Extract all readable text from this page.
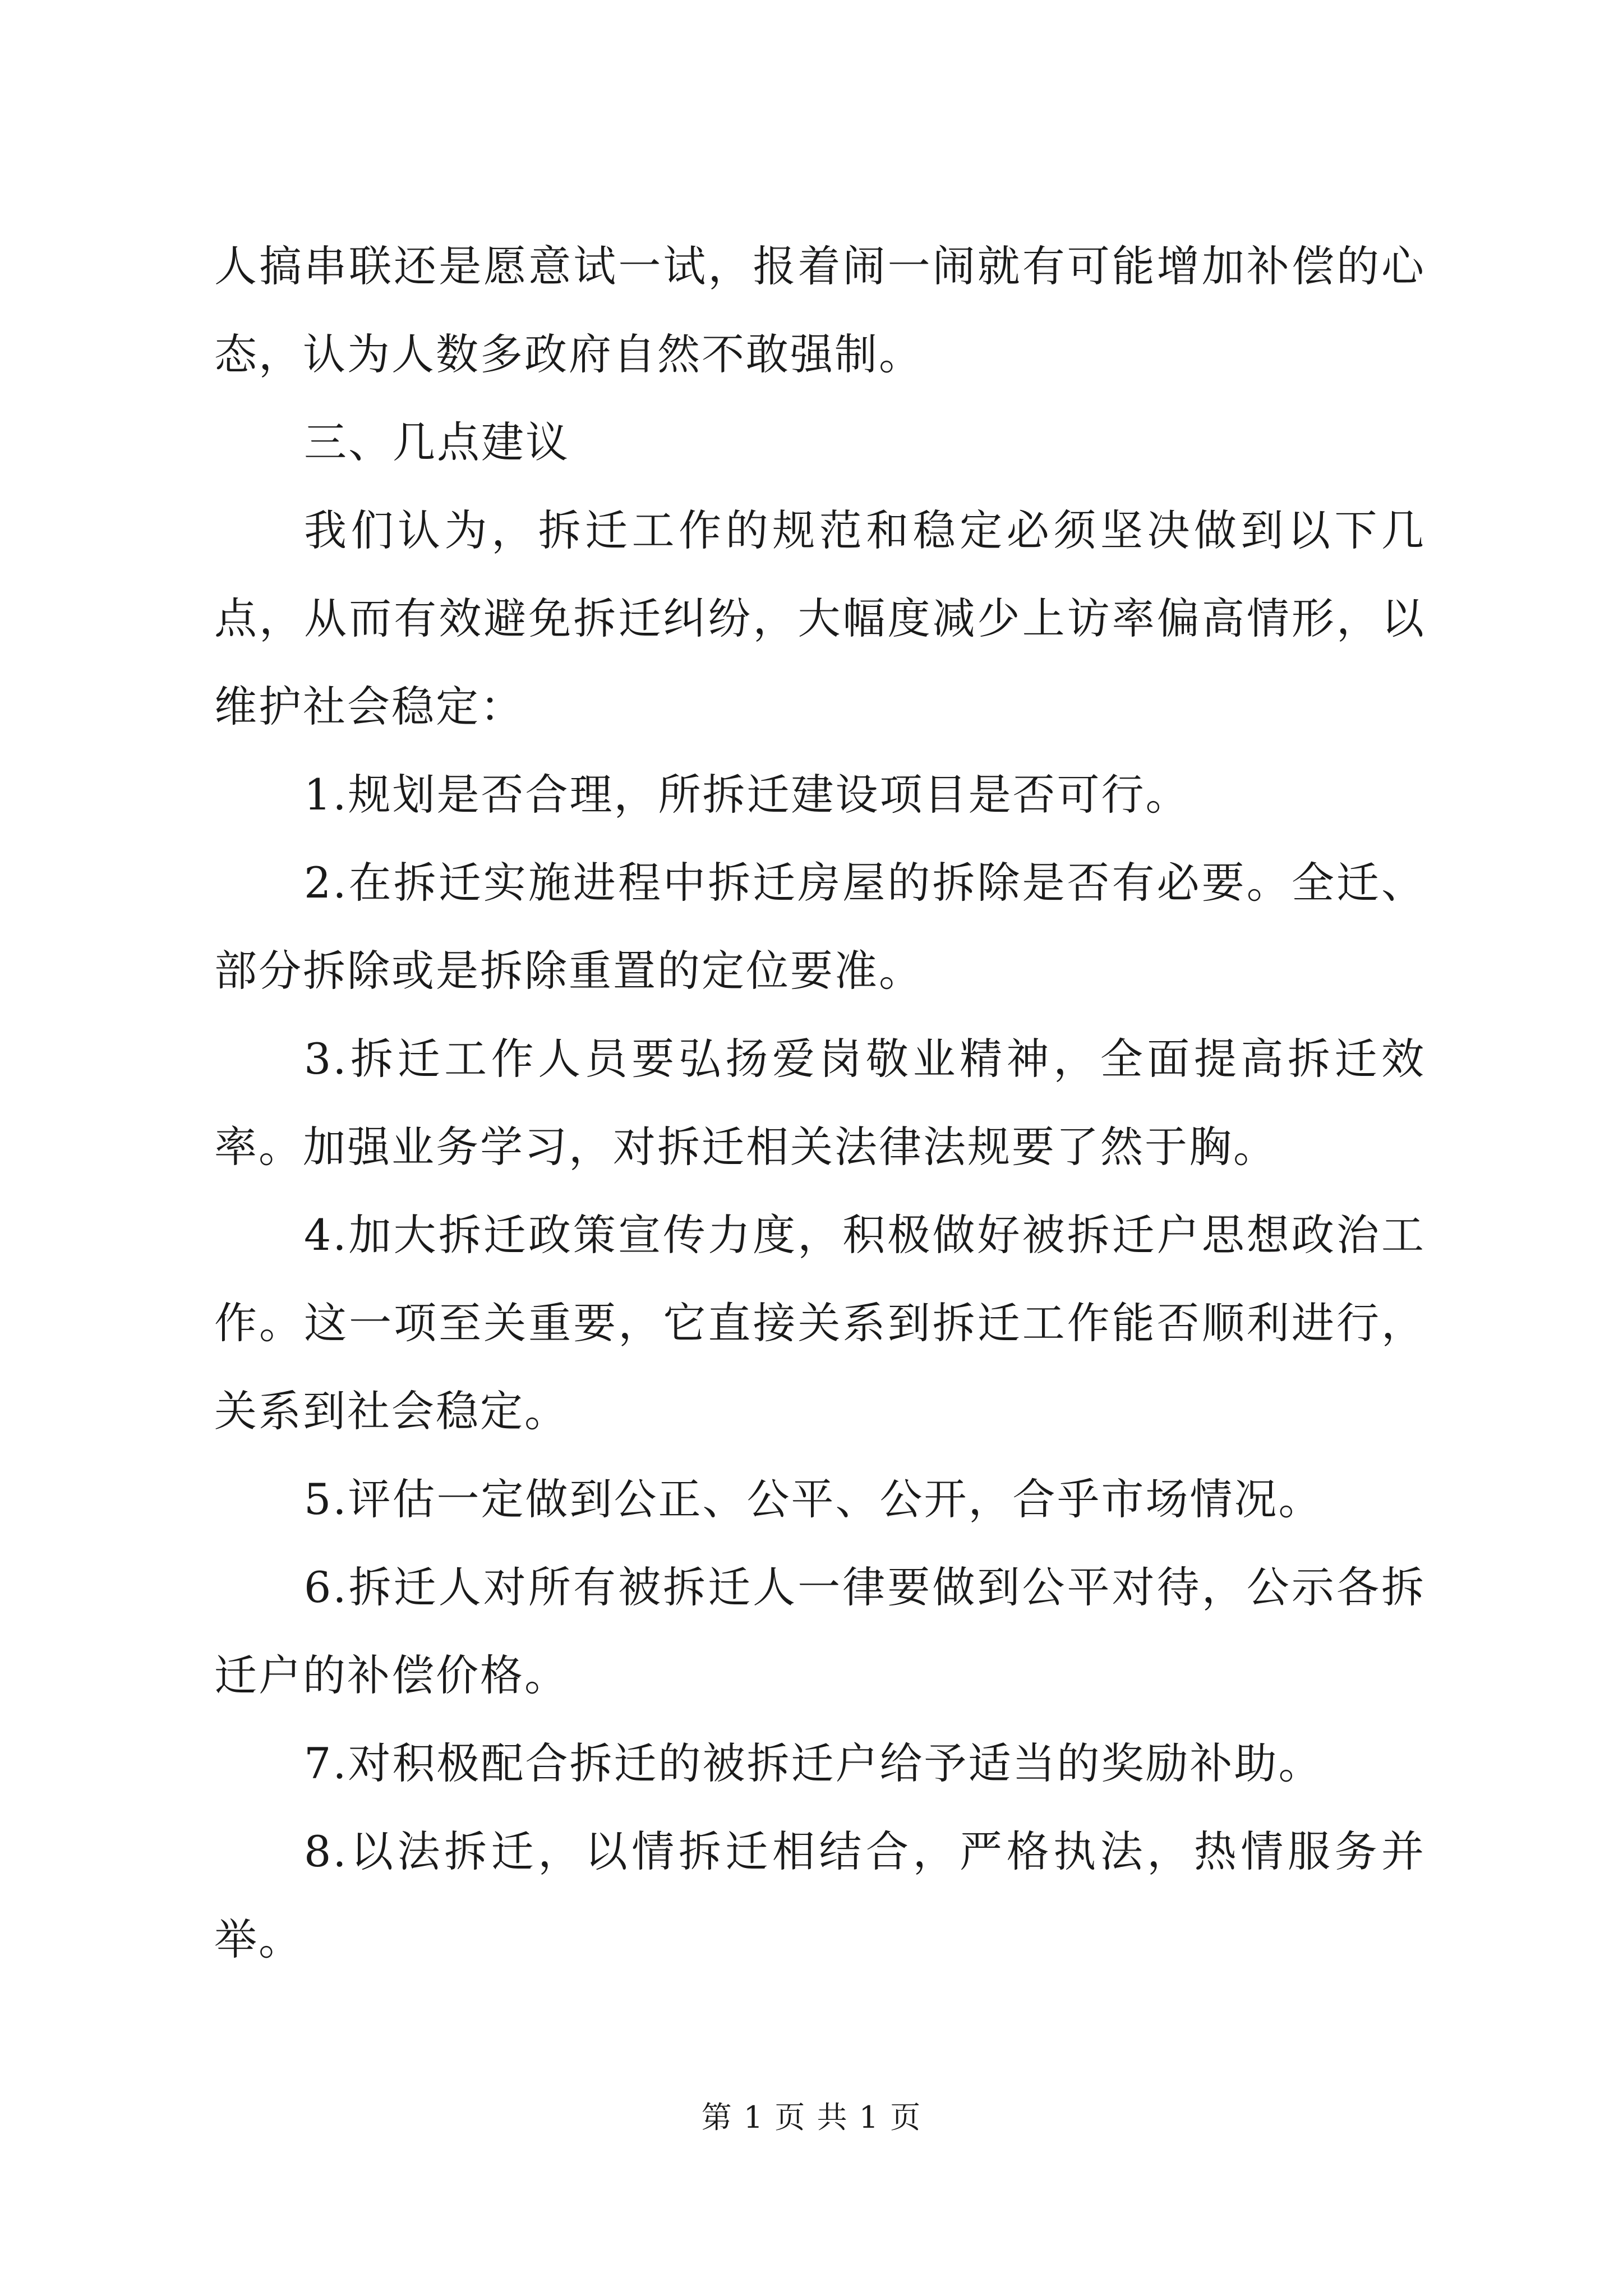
人搞串联还是愿意试一试，报着闹一闹就有可能增加补偿的心态，认为人数多政府自然不敢强制。

三、几点建议

我们认为，拆迁工作的规范和稳定必须坚决做到以下几点，从而有效避免拆迁纠纷，大幅度减少上访率偏高情形，以维护社会稳定：

1.规划是否合理，所拆迁建设项目是否可行。

2.在拆迁实施进程中拆迁房屋的拆除是否有必要。全迁、部分拆除或是拆除重置的定位要准。

3.拆迁工作人员要弘扬爱岗敬业精神，全面提高拆迁效率。加强业务学习，对拆迁相关法律法规要了然于胸。

4.加大拆迁政策宣传力度，积极做好被拆迁户思想政治工作。这一项至关重要，它直接关系到拆迁工作能否顺利进行，关系到社会稳定。

5.评估一定做到公正、公平、公开，合乎市场情况。

6.拆迁人对所有被拆迁人一律要做到公平对待，公示各拆迁户的补偿价格。

7.对积极配合拆迁的被拆迁户给予适当的奖励补助。

8.以法拆迁，以情拆迁相结合，严格执法，热情服务并举。

第 1 页 共 1 页
